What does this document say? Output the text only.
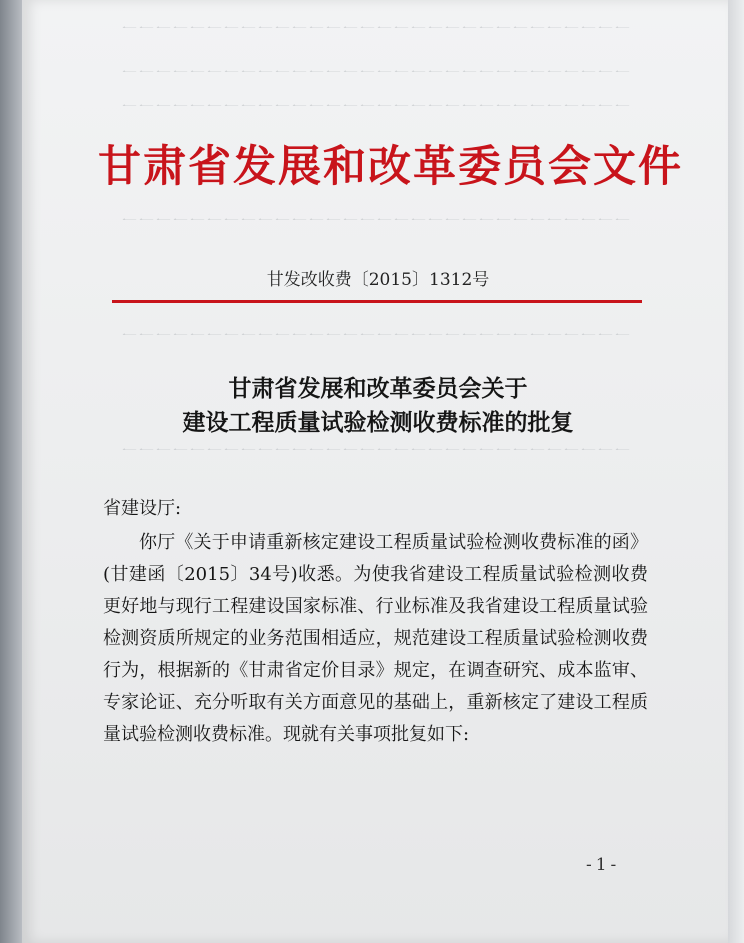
一一一一一一一一一一一一一一一一一一一一一一一一一一一一一一
一一一一一一一一一一一一一一一一一一一一一一一一一一一一一一
一一一一一一一一一一一一一一一一一一一一一一一一一一一一一一
一一一一一一一一一一一一一一一一一一一一一一一一一一一一一一
一一一一一一一一一一一一一一一一一一一一一一一一一一一一一一
一一一一一一一一一一一一一一一一一一一一一一一一一一一一一一
甘肃省发展和改革委员会文件
甘发改收费〔2015〕1312号
甘肃省发展和改革委员会关于
建设工程质量试验检测收费标准的批复
省建设厅:

你厅《关于申请重新核定建设工程质量试验检测收费标准的函》(甘建函〔2015〕34号)收悉。为使我省建设工程质量试验检测收费更好地与现行工程建设国家标准、行业标准及我省建设工程质量试验检测资质所规定的业务范围相适应，规范建设工程质量试验检测收费行为，根据新的《甘肃省定价目录》规定，在调查研究、成本监审、专家论证、充分听取有关方面意见的基础上，重新核定了建设工程质量试验检测收费标准。现就有关事项批复如下:

-1-
